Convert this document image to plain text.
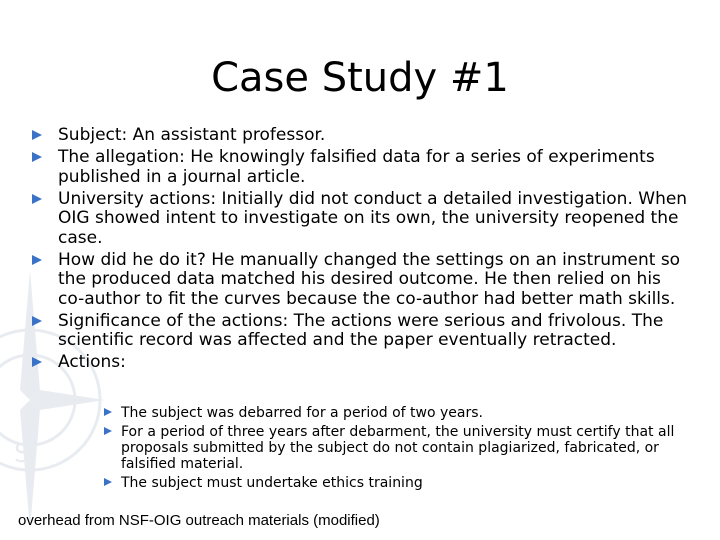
S
Case Study #1
Subject: An assistant professor.
The allegation: He knowingly falsified data for a series of experiments published in a journal article.
University actions: Initially did not conduct a detailed investigation. When OIG showed intent to investigate on its own, the university reopened the case.
How did he do it? He manually changed the settings on an instrument so the produced data matched his desired outcome. He then relied on his co-author to fit the curves because the co-author had better math skills.
Significance of the actions: The actions were serious and frivolous. The scientific record was affected and the paper eventually retracted.
Actions:
The subject was debarred for a period of two years.
For a period of three years after debarment, the university must certify that all proposals submitted by the subject do not contain plagiarized, fabricated, or falsified material.
The subject must undertake ethics training
overhead from NSF-OIG outreach materials (modified)
